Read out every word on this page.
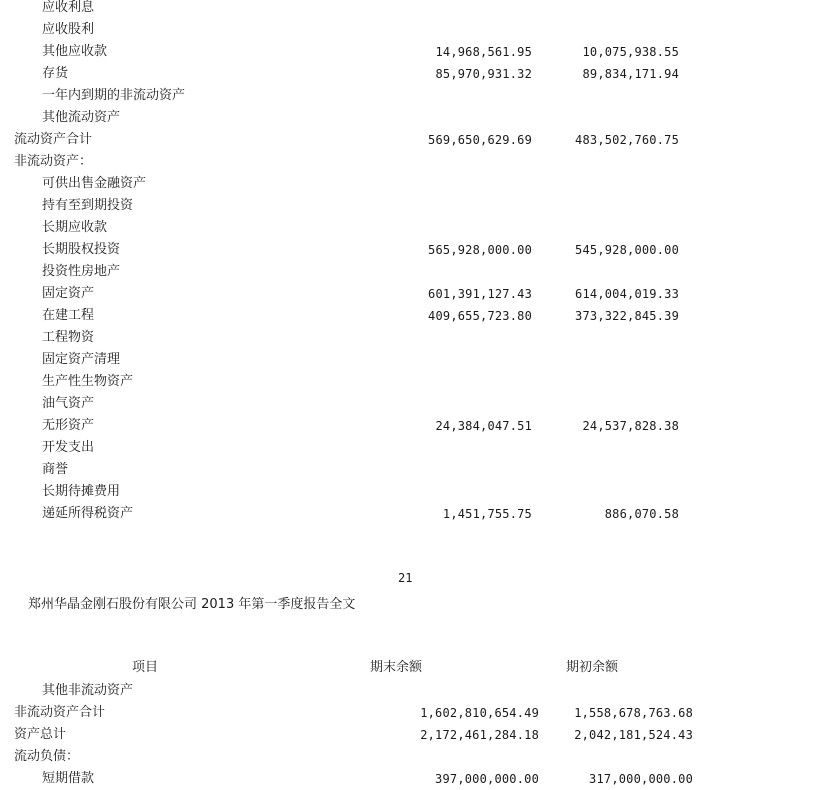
应收利息
应收股利
其他应收款	14,968,561.95	10,075,938.55
存货	85,970,931.32	89,834,171.94
一年内到期的非流动资产
其他流动资产
流动资产合计	569,650,629.69	483,502,760.75
非流动资产：
可供出售金融资产
持有至到期投资
长期应收款
长期股权投资	565,928,000.00	545,928,000.00
投资性房地产
固定资产	601,391,127.43	614,004,019.33
在建工程	409,655,723.80	373,322,845.39
工程物资
固定资产清理
生产性生物资产
油气资产
无形资产	24,384,047.51	24,537,828.38
开发支出
商誉
长期待摊费用
递延所得税资产	1,451,755.75	886,070.58
21
郑州华晶金刚石股份有限公司 2013 年第一季度报告全文
项目	期末余额	期初余额
其他非流动资产
非流动资产合计	1,602,810,654.49	1,558,678,763.68
资产总计	2,172,461,284.18	2,042,181,524.43
流动负债：
短期借款	397,000,000.00	317,000,000.00
